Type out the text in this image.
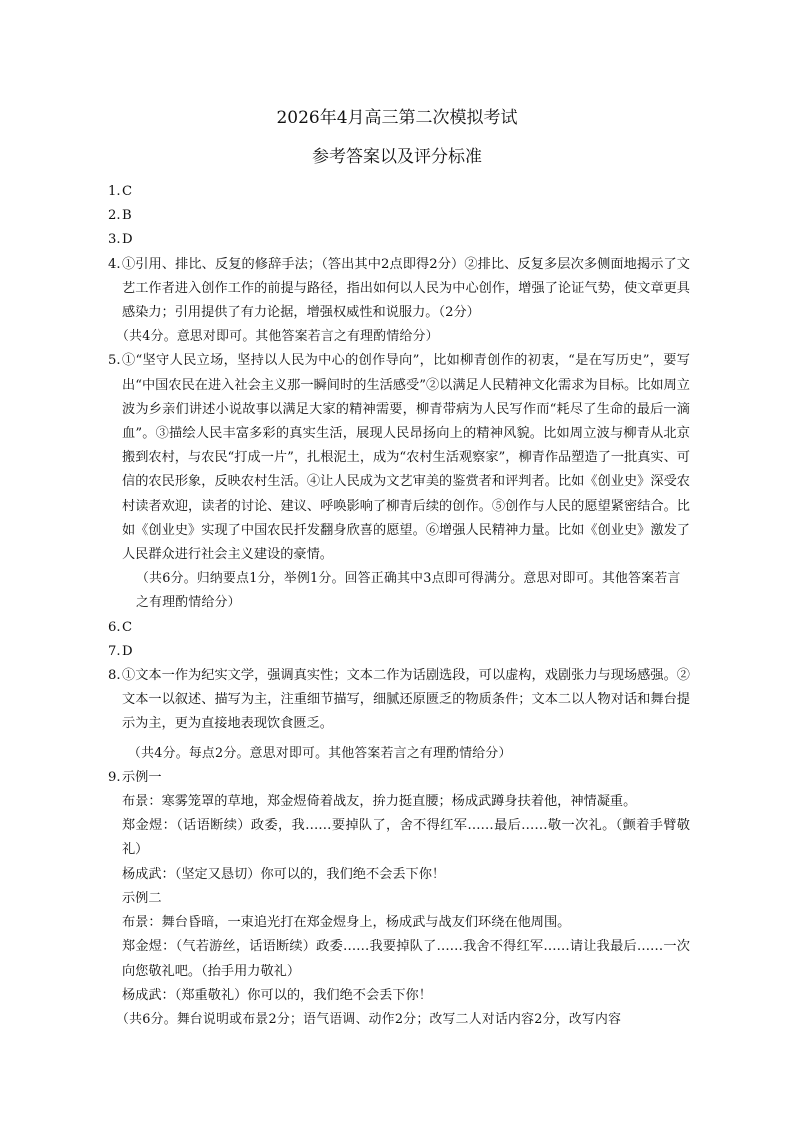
2026年4月高三第二次模拟考试
参考答案以及评分标准
1. C

2. B

3. D

4. ①引用、排比、反复的修辞手法；（答出其中2点即得2分）②排比、反复多层次多侧面地揭示了文艺工作者进入创作工作的前提与路径，指出如何以人民为中心创作，增强了论证气势，使文章更具感染力；引用提供了有力论据，增强权威性和说服力。（2分）

（共4分。意思对即可。其他答案若言之有理酌情给分）

5. ①“坚守人民立场，坚持以人民为中心的创作导向”，比如柳青创作的初衷，“是在写历史”，要写出“中国农民在进入社会主义那一瞬间时的生活感受”②以满足人民精神文化需求为目标。比如周立波为乡亲们讲述小说故事以满足大家的精神需要，柳青带病为人民写作而“耗尽了生命的最后一滴血”。③描绘人民丰富多彩的真实生活，展现人民昂扬向上的精神风貌。比如周立波与柳青从北京搬到农村，与农民“打成一片”，扎根泥土，成为“农村生活观察家”，柳青作品塑造了一批真实、可信的农民形象，反映农村生活。④让人民成为文艺审美的鉴赏者和评判者。比如《创业史》深受农村读者欢迎，读者的讨论、建议、呼唤影响了柳青后续的创作。⑤创作与人民的愿望紧密结合。比如《创业史》实现了中国农民扦发翻身欣喜的愿望。⑥增强人民精神力量。比如《创业史》激发了人民群众进行社会主义建设的豪情。

（共6分。归纳要点1分，举例1分。回答正确其中3点即可得满分。意思对即可。其他答案若言之有理酌情给分）

6. C

7. D

8. ①文本一作为纪实文学，强调真实性；文本二作为话剧选段，可以虚构，戏剧张力与现场感强。②文本一以叙述、描写为主，注重细节描写，细腻还原匮乏的物质条件；文本二以人物对话和舞台提示为主，更为直接地表现饮食匮乏。

（共4分。每点2分。意思对即可。其他答案若言之有理酌情给分）

9. 示例一

布景：寒雾笼罩的草地，郑金煜倚着战友，拚力挺直腰；杨成武蹲身扶着他，神情凝重。

郑金煜：（话语断续）政委，我……要掉队了，舍不得红军……最后……敬一次礼。（颤着手臂敬礼）

杨成武：（坚定又恳切）你可以的，我们绝不会丢下你！

示例二

布景：舞台昏暗，一束追光打在郑金煜身上，杨成武与战友们环绕在他周围。

郑金煜：（气若游丝，话语断续）政委……我要掉队了……我舍不得红军……请让我最后……一次向您敬礼吧。（抬手用力敬礼）

杨成武：（郑重敬礼）你可以的，我们绝不会丢下你！

（共6分。舞台说明或布景2分；语气语调、动作2分；改写二人对话内容2分，改写内容
